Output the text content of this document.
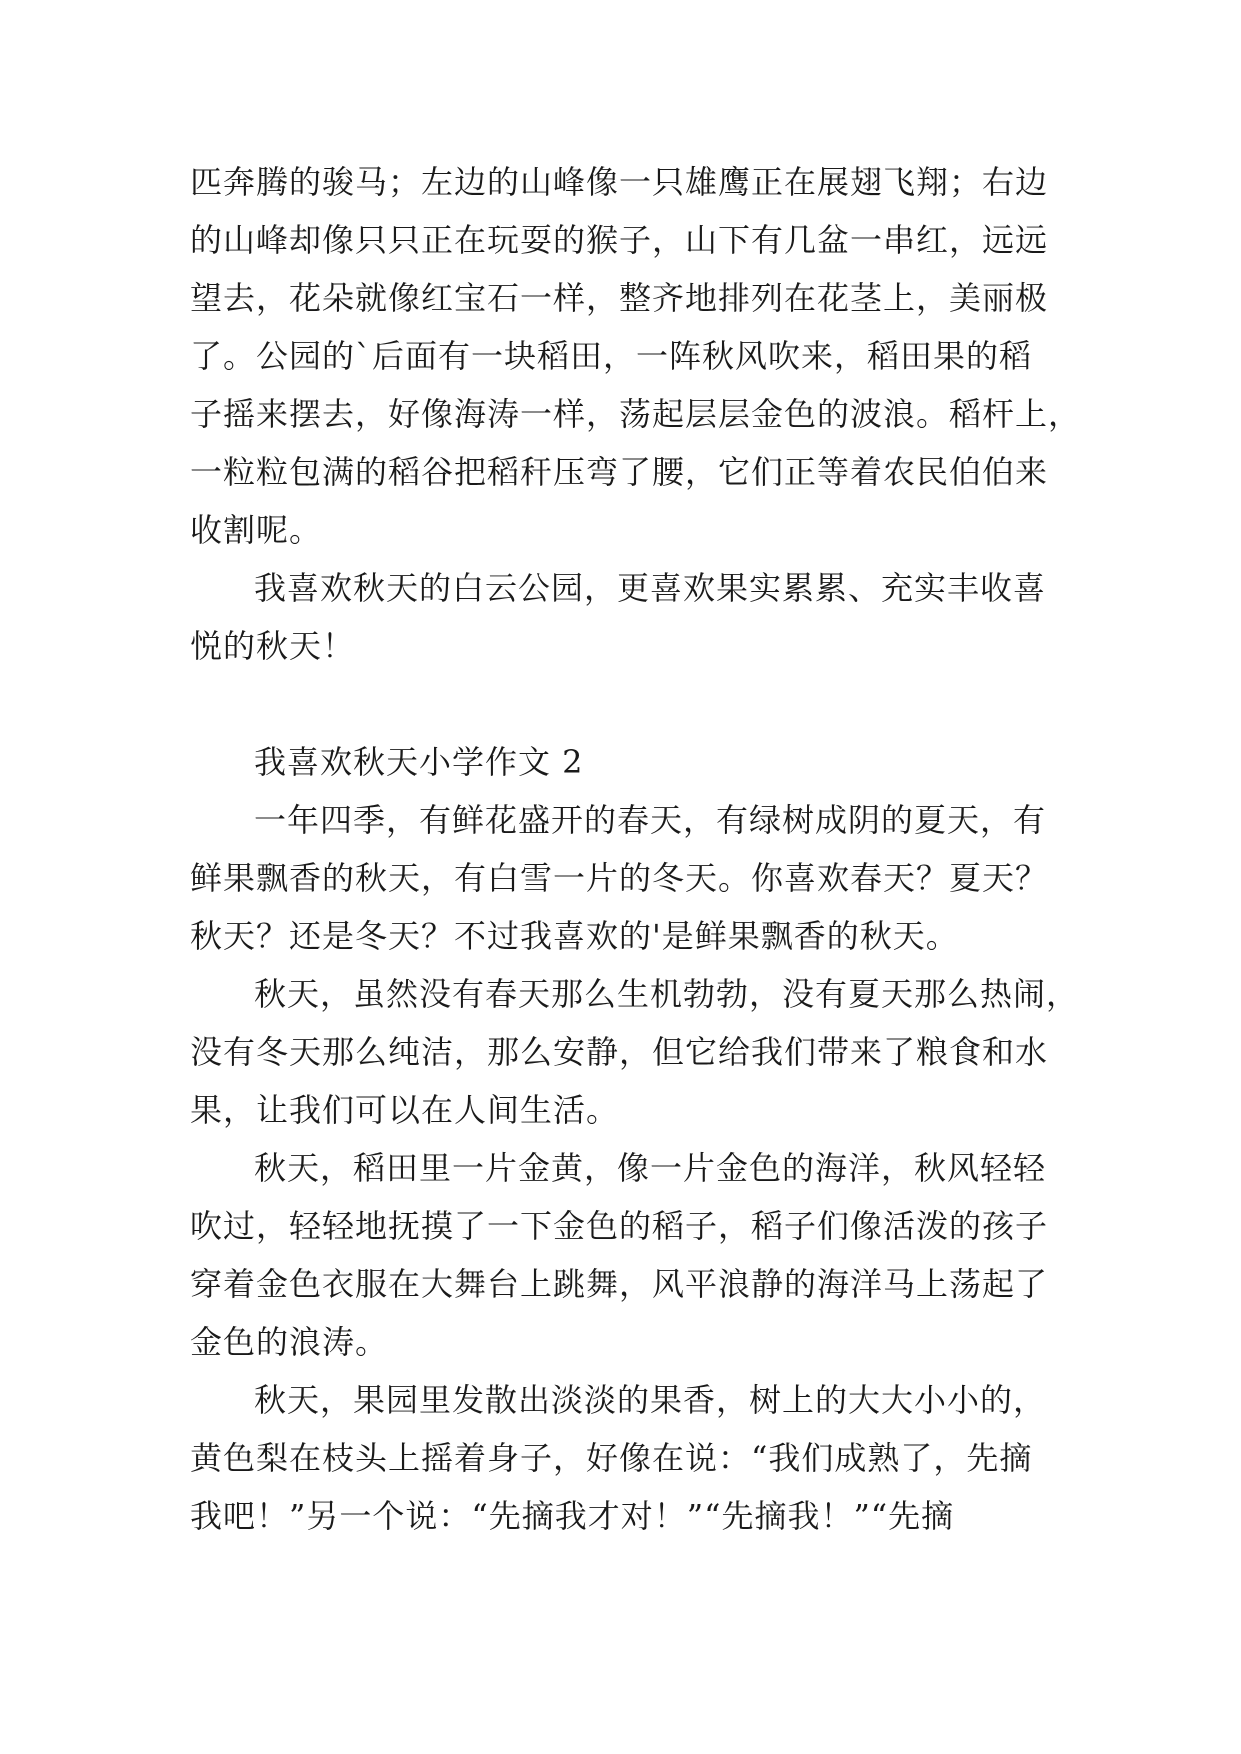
匹奔腾的骏马；左边的山峰像一只雄鹰正在展翅飞翔；右边
的山峰却像只只正在玩耍的猴子，山下有几盆一串红，远远
望去，花朵就像红宝石一样，整齐地排列在花茎上，美丽极
了。公园的`后面有一块稻田，一阵秋风吹来，稻田果的稻
子摇来摆去，好像海涛一样，荡起层层金色的波浪。稻杆上，
一粒粒包满的稻谷把稻秆压弯了腰，它们正等着农民伯伯来
收割呢。
我喜欢秋天的白云公园，更喜欢果实累累、充实丰收喜
悦的秋天！
我喜欢秋天小学作文 2
一年四季，有鲜花盛开的春天，有绿树成阴的夏天，有
鲜果飘香的秋天，有白雪一片的冬天。你喜欢春天？夏天？
秋天？还是冬天？不过我喜欢的'是鲜果飘香的秋天。
秋天，虽然没有春天那么生机勃勃，没有夏天那么热闹，
没有冬天那么纯洁，那么安静，但它给我们带来了粮食和水
果，让我们可以在人间生活。
秋天，稻田里一片金黄，像一片金色的海洋，秋风轻轻
吹过，轻轻地抚摸了一下金色的稻子，稻子们像活泼的孩子
穿着金色衣服在大舞台上跳舞，风平浪静的海洋马上荡起了
金色的浪涛。
秋天，果园里发散出淡淡的果香，树上的大大小小的，
黄色梨在枝头上摇着身子，好像在说：“我们成熟了，先摘
我吧！”另一个说：“先摘我才对！”“先摘我！”“先摘
